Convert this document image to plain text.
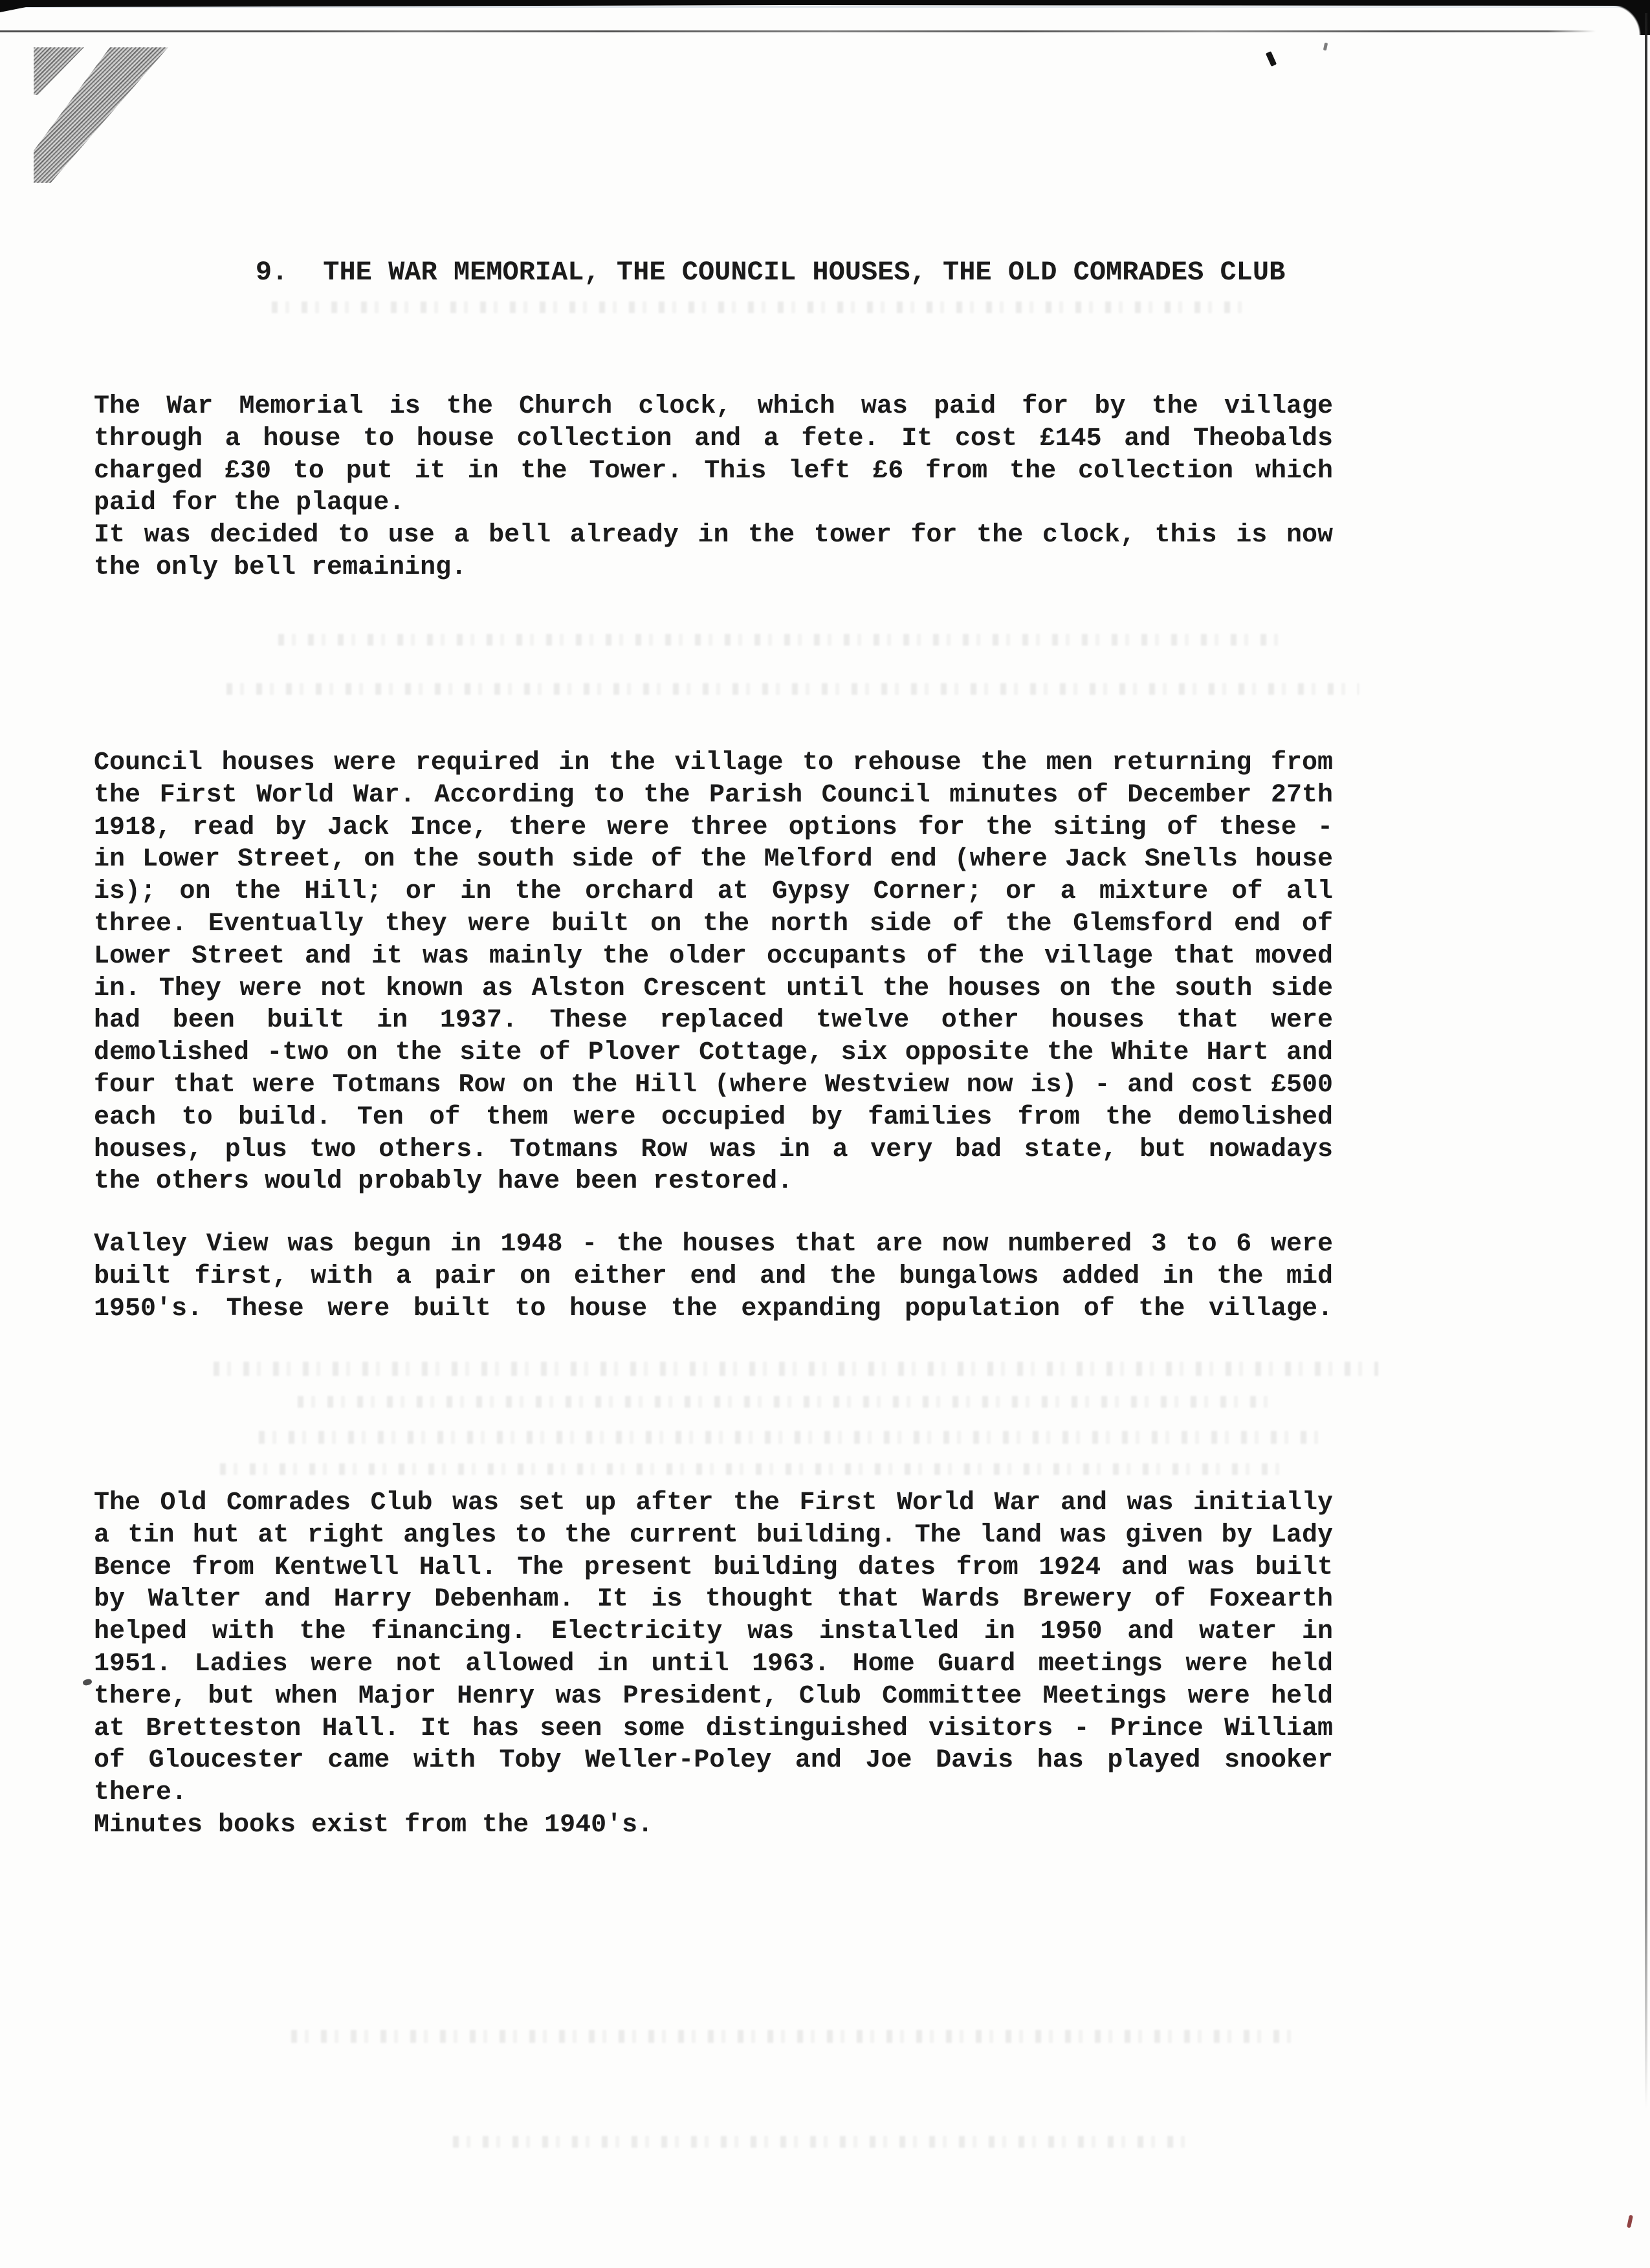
9. THE WAR MEMORIAL, THE COUNCIL HOUSES, THE OLD COMRADES CLUB

The War Memorial is the Church clock, which was paid for by the village
through a house to house collection and a fete. It cost £145 and Theobalds
charged £30 to put it in the Tower. This left £6 from the collection which
paid for the plaque.
It was decided to use a bell already in the tower for the clock, this is now
the only bell remaining.
Council houses were required in the village to rehouse the men returning from
the First World War. According to the Parish Council minutes of December 27th
1918, read by Jack Ince, there were three options for the siting of these -
in Lower Street, on the south side of the Melford end (where Jack Snells house
is); on the Hill; or in the orchard at Gypsy Corner; or a mixture of all
three. Eventually they were built on the north side of the Glemsford end of
Lower Street and it was mainly the older occupants of the village that moved
in. They were not known as Alston Crescent until the houses on the south side
had been built in 1937. These replaced twelve other houses that were
demolished -two on the site of Plover Cottage, six opposite the White Hart and
four that were Totmans Row on the Hill (where Westview now is) - and cost £500
each to build. Ten of them were occupied by families from the demolished
houses, plus two others. Totmans Row was in a very bad state, but nowadays
the others would probably have been restored.
Valley View was begun in 1948 - the houses that are now numbered 3 to 6 were
built first, with a pair on either end and the bungalows added in the mid
1950's. These were built to house the expanding population of the village.
The Old Comrades Club was set up after the First World War and was initially
a tin hut at right angles to the current building. The land was given by Lady
Bence from Kentwell Hall. The present building dates from 1924 and was built
by Walter and Harry Debenham. It is thought that Wards Brewery of Foxearth
helped with the financing. Electricity was installed in 1950 and water in
1951. Ladies were not allowed in until 1963. Home Guard meetings were held
there, but when Major Henry was President, Club Committee Meetings were held
at Bretteston Hall. It has seen some distinguished visitors - Prince William
of Gloucester came with Toby Weller-Poley and Joe Davis has played snooker
there.
Minutes books exist from the 1940's.
